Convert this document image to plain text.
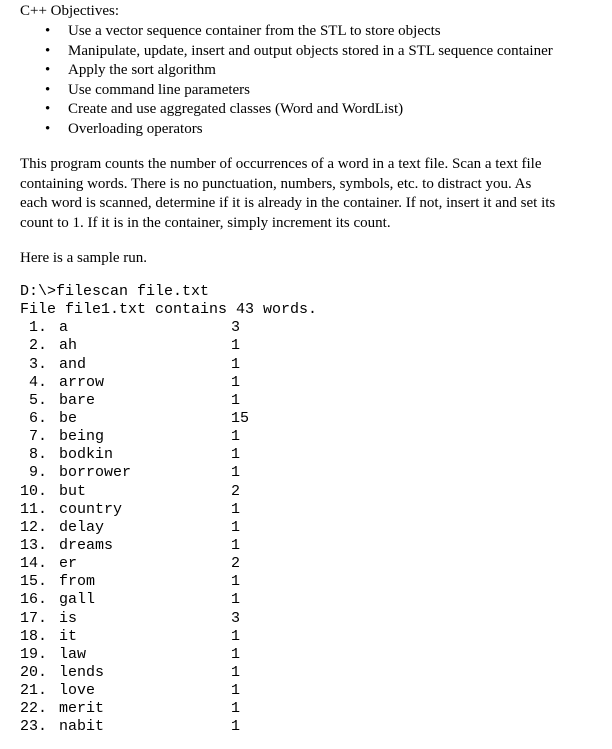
C++ Objectives:
• Use a vector sequence container from the STL to store objects
• Manipulate, update, insert and output objects stored in a STL sequence container
• Apply the sort algorithm
• Use command line parameters
• Create and use aggregated classes (Word and WordList)
• Overloading operators
This program counts the number of occurrences of a word in a text file. Scan a text file
containing words. There is no punctuation, numbers, symbols, etc. to distract you. As
each word is scanned, determine if it is already in the container. If not, insert it and set its
count to 1. If it is in the container, simply increment its count.
Here is a sample run.
D:\>filescan file.txt
File file1.txt contains 43 words.
1. a	3
2. ah	1
3. and	1
4. arrow	1
5. bare	1
6. be	15
7. being	1
8. bodkin	1
9. borrower	1
10. but	2
11. country	1
12. delay	1
13. dreams	1
14. er	2
15. from	1
16. gall	1
17. is	3
18. it	1
19. law	1
20. lends	1
21. love	1
22. merit	1
23. nabit	1
